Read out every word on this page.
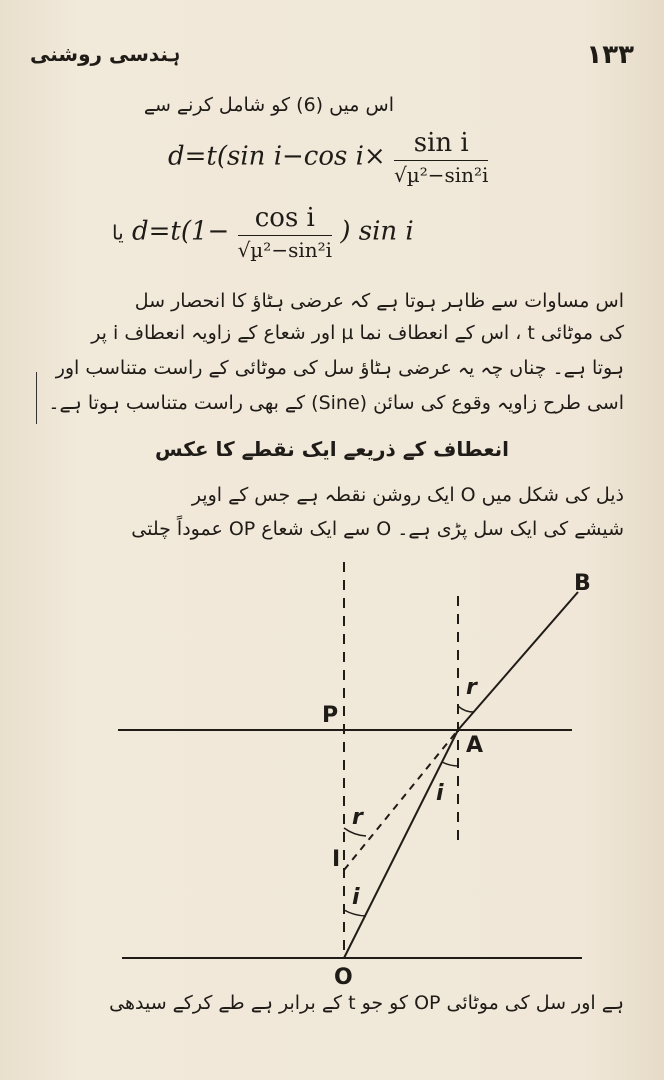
ہندسی روشنی	۱۳۳
اس میں (6) کو شامل کرنے سے
d=t(sin i−cos $i\times \frac{\text{sin i}}{\text{√µ²−sin²i}}$
یا $d=t(1- \frac{\text{cos i}}{\text{√µ²−sin²i}}$ ) sin i
اس مساوات سے ظاہر ہوتا ہے کہ عرضی ہٹاؤ کا انحصار سل
کی موٹائی t ، اس کے انعطاف نما µ اور شعاع کے زاویہ انعطاف i پر
ہوتا ہے۔ چناں چہ یہ عرضی ہٹاؤ سل کی موٹائی کے راست متناسب اور
اسی طرح زاویہ وقوع کی سائن (Sine) کے بھی راست متناسب ہوتا ہے۔
انعطاف کے ذریعے ایک نقطے کا عکس
ذیل کی شکل میں O ایک روشن نقطہ ہے جس کے اوپر
شیشے کی ایک سل پڑی ہے۔ O سے ایک شعاع OP عموداً چلتی
B
P
A
O
I
r
i
r
i
ہے اور سل کی موٹائی OP کو جو t کے برابر ہے طے کرکے سیدھی
